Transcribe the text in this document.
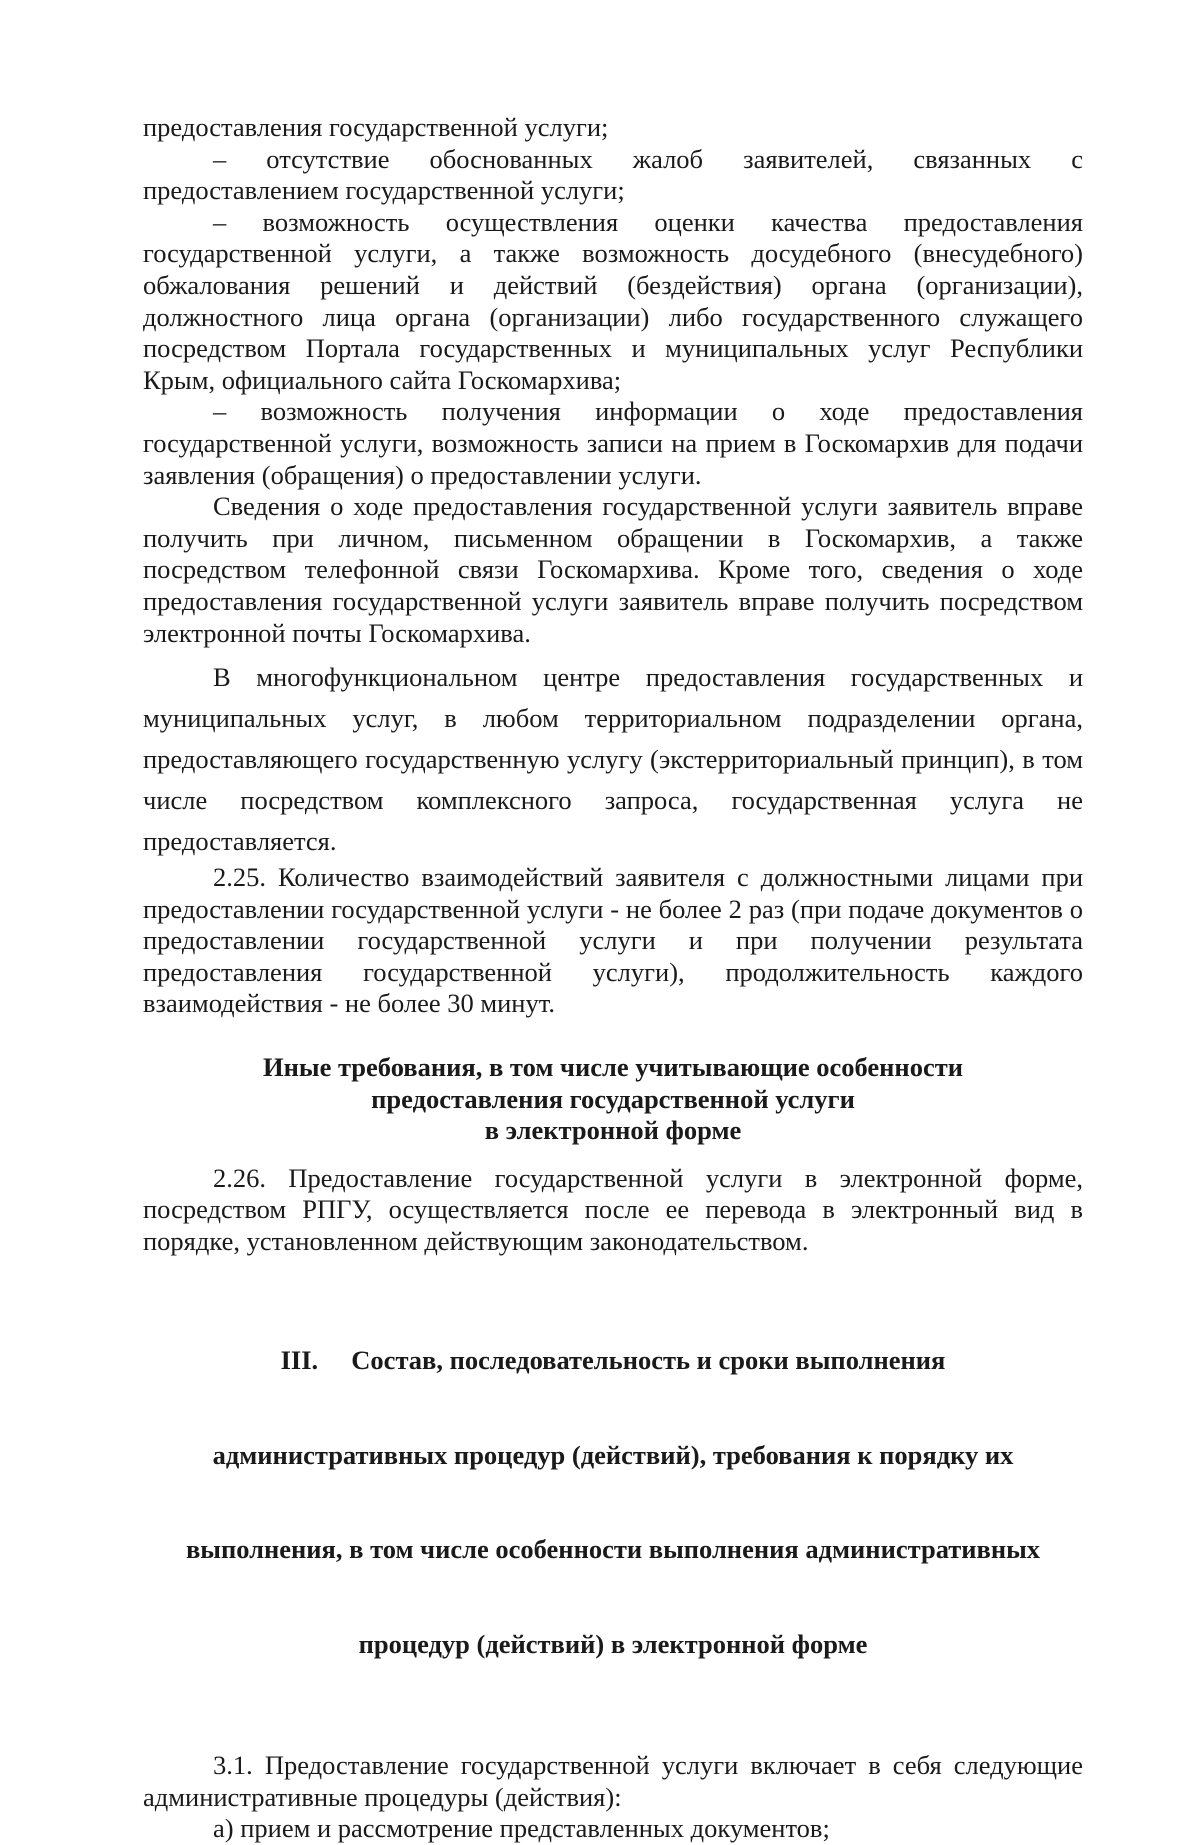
предоставления государственной услуги;

– отсутствие обоснованных жалоб заявителей, связанных с предоставлением государственной услуги;

– возможность осуществления оценки качества предоставления государственной услуги, а также возможность досудебного (внесудебного) обжалования решений и действий (бездействия) органа (организации), должностного лица органа (организации) либо государственного служащего посредством Портала государственных и муниципальных услуг Республики Крым, официального сайта Госкомархива;

– возможность получения информации о ходе предоставления государственной услуги, возможность записи на прием в Госкомархив для подачи заявления (обращения) о предоставлении услуги.

Сведения о ходе предоставления государственной услуги заявитель вправе получить при личном, письменном обращении в Госкомархив, а также посредством телефонной связи Госкомархива. Кроме того, сведения о ходе предоставления государственной услуги заявитель вправе получить посредством электронной почты Госкомархива.

В многофункциональном центре предоставления государственных и муниципальных услуг, в любом территориальном подразделении органа, предоставляющего государственную услугу (экстерриториальный принцип), в том числе посредством комплексного запроса, государственная услуга не предоставляется.

2.25. Количество взаимодействий заявителя с должностными лицами при предоставлении государственной услуги - не более 2 раз (при подаче документов о предоставлении государственной услуги и при получении результата предоставления государственной услуги), продолжительность каждого взаимодействия - не более 30 минут.

Иные требования, в том числе учитывающие особенности
предоставления государственной услуги
в электронной форме

2.26. Предоставление государственной услуги в электронной форме, посредством РПГУ, осуществляется после ее перевода в электронный вид в порядке, установленном действующим законодательством.

III.     Состав, последовательность и сроки выполнения

административных процедур (действий), требования к порядку их

выполнения, в том числе особенности выполнения административных

процедур (действий) в электронной форме

3.1. Предоставление государственной услуги включает в себя следующие административные процедуры (действия):

а) прием и рассмотрение представленных документов;
